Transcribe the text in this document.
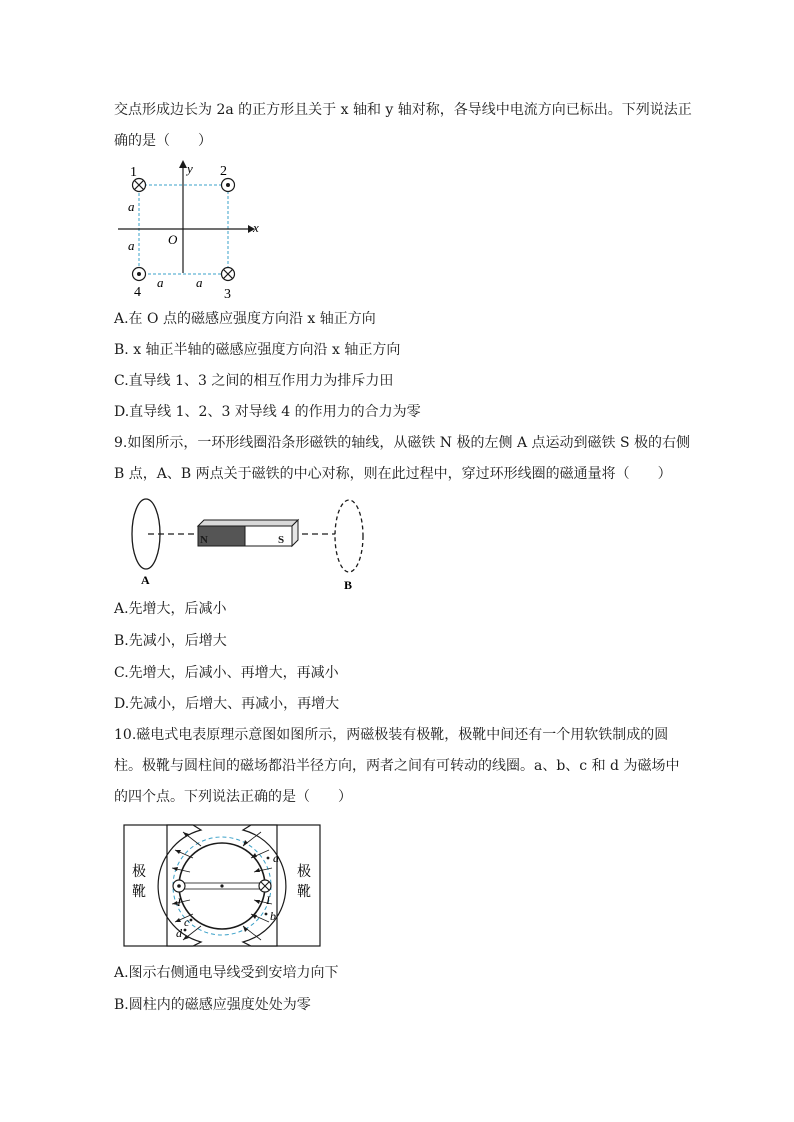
交点形成边长为 2a 的正方形且关于 x 轴和 y 轴对称，各导线中电流方向已标出。下列说法正
确的是（　　）
x
y
O
a
a
a	a
1	2
3
4
A.在 O 点的磁感应强度方向沿 x 轴正方向
B. x 轴正半轴的磁感应强度方向沿 x 轴正方向
C.直导线 1、3 之间的相互作用力为排斥力田
D.直导线 1、2、3 对导线 4 的作用力的合力为零
9.如图所示，一环形线圈沿条形磁铁的轴线，从磁铁 N 极的左侧 A 点运动到磁铁 S 极的右侧
B 点，A、B 两点关于磁铁的中心对称，则在此过程中，穿过环形线圈的磁通量将（　　）
N	S
A	B
A.先增大，后减小
B.先减小，后增大
C.先增大，后减小、再增大，再减小
D.先减小，后增大、再减小，再增大
10.磁电式电表原理示意图如图所示，两磁极装有极靴，极靴中间还有一个用软铁制成的圆
柱。极靴与圆柱间的磁场都沿半径方向，两者之间有可转动的线圈。a、b、c 和 d 为磁场中
的四个点。下列说法正确的是（　　）
极
靴
极
靴
I	I
a
b
c
d
A.图示右侧通电导线受到安培力向下
B.圆柱内的磁感应强度处处为零
